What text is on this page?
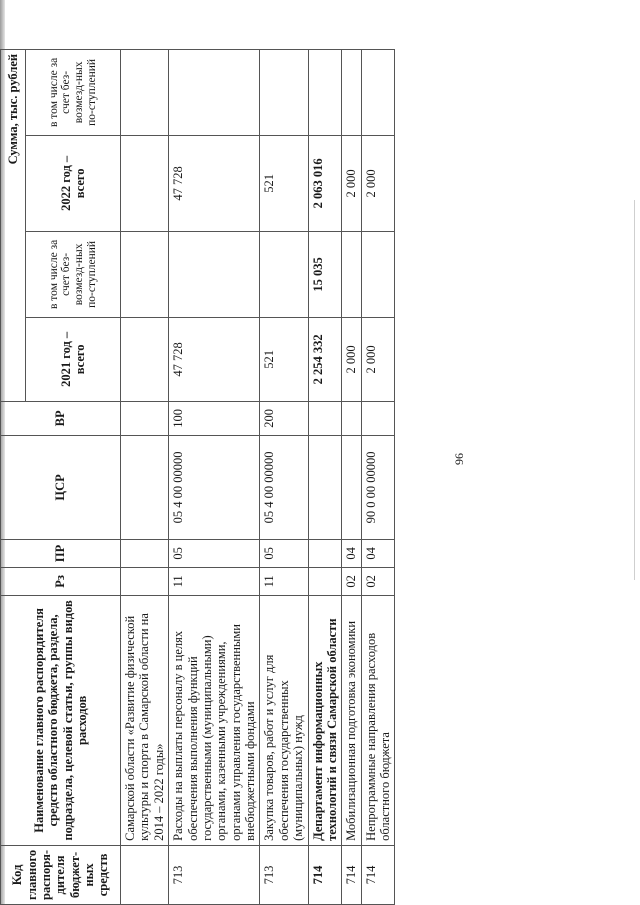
96
Код главного распоря-дителя бюджет-ных средств	Наименование главного распорядителя средств областного бюджета, раздела, подраздела, целевой статьи, группы видов расходов	Рз	ПР	ЦСР	ВР	Сумма, тыс. рублей			
						2021 год – всего	в том числе за счет без-возмезд-ных по-ступлений	2022 год – всего	в том числе за счет без-возмезд-ных по-ступлений
	Самарской области «Развитие физической культуры и спорта в Самарской области на 2014 – 2022 годы»								
713	Расходы на выплаты персоналу в целях обеспечения выполнения функций государственными (муниципальными) органами, казенными учреждениями, органами управления государственными внебюджетными фондами	11	05	05 4 00 00000	100	47 728		47 728	
713	Закупка товаров, работ и услуг для обеспечения государственных (муниципальных) нужд	11	05	05 4 00 00000	200	521		521	
714	Департамент информационных технологий и связи Самарской области					2 254 332	15 035	2 063 016	
714	Мобилизационная подготовка экономики	02	04			2 000		2 000	
714	Непрограммные направления расходов областного бюджета	02	04	90 0 00 00000		2 000		2 000	
